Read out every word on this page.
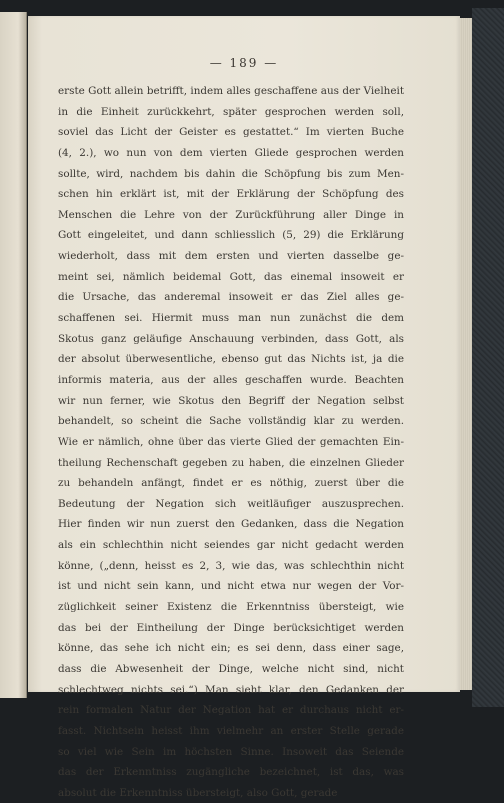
— 189 —
erste Gott allein betrifft, indem alles geschaffene aus der Vielheit
in die Einheit zurückkehrt, später gesprochen werden soll,
soviel das Licht der Geister es gestattet.“ Im vierten Buche
(4, 2.), wo nun von dem vierten Gliede gesprochen werden
sollte, wird, nachdem bis dahin die Schöpfung bis zum Men-
schen hin erklärt ist, mit der Erklärung der Schöpfung des
Menschen die Lehre von der Zurückführung aller Dinge in
Gott eingeleitet, und dann schliesslich (5, 29) die Erklärung
wiederholt, dass mit dem ersten und vierten dasselbe ge-
meint sei, nämlich beidemal Gott, das einemal insoweit er
die Ursache, das anderemal insoweit er das Ziel alles ge-
schaffenen sei. Hiermit muss man nun zunächst die dem
Skotus ganz geläufige Anschauung verbinden, dass Gott, als
der absolut überwesentliche, ebenso gut das Nichts ist, ja die
informis materia, aus der alles geschaffen wurde. Beachten
wir nun ferner, wie Skotus den Begriff der Negation selbst
behandelt, so scheint die Sache vollständig klar zu werden.
Wie er nämlich, ohne über das vierte Glied der gemachten Ein-
theilung Rechenschaft gegeben zu haben, die einzelnen Glieder
zu behandeln anfängt, findet er es nöthig, zuerst über die
Bedeutung der Negation sich weitläufiger auszusprechen.
Hier finden wir nun zuerst den Gedanken, dass die Negation
als ein schlechthin nicht seiendes gar nicht gedacht werden
könne, („denn, heisst es 2, 3, wie das, was schlechthin nicht
ist und nicht sein kann, und nicht etwa nur wegen der Vor-
züglichkeit seiner Existenz die Erkenntniss übersteigt, wie
das bei der Eintheilung der Dinge berücksichtiget werden
könne, das sehe ich nicht ein; es sei denn, dass einer sage,
dass die Abwesenheit der Dinge, welche nicht sind, nicht
schlechtweg nichts sei.“) Man sieht klar, den Gedanken der
rein formalen Natur der Negation hat er durchaus nicht er-
fasst. Nichtsein heisst ihm vielmehr an erster Stelle gerade
so viel wie Sein im höchsten Sinne. Insoweit das Seiende
das der Erkenntniss zugängliche bezeichnet, ist das, was
absolut die Erkenntniss übersteigt, also Gott, gerade
